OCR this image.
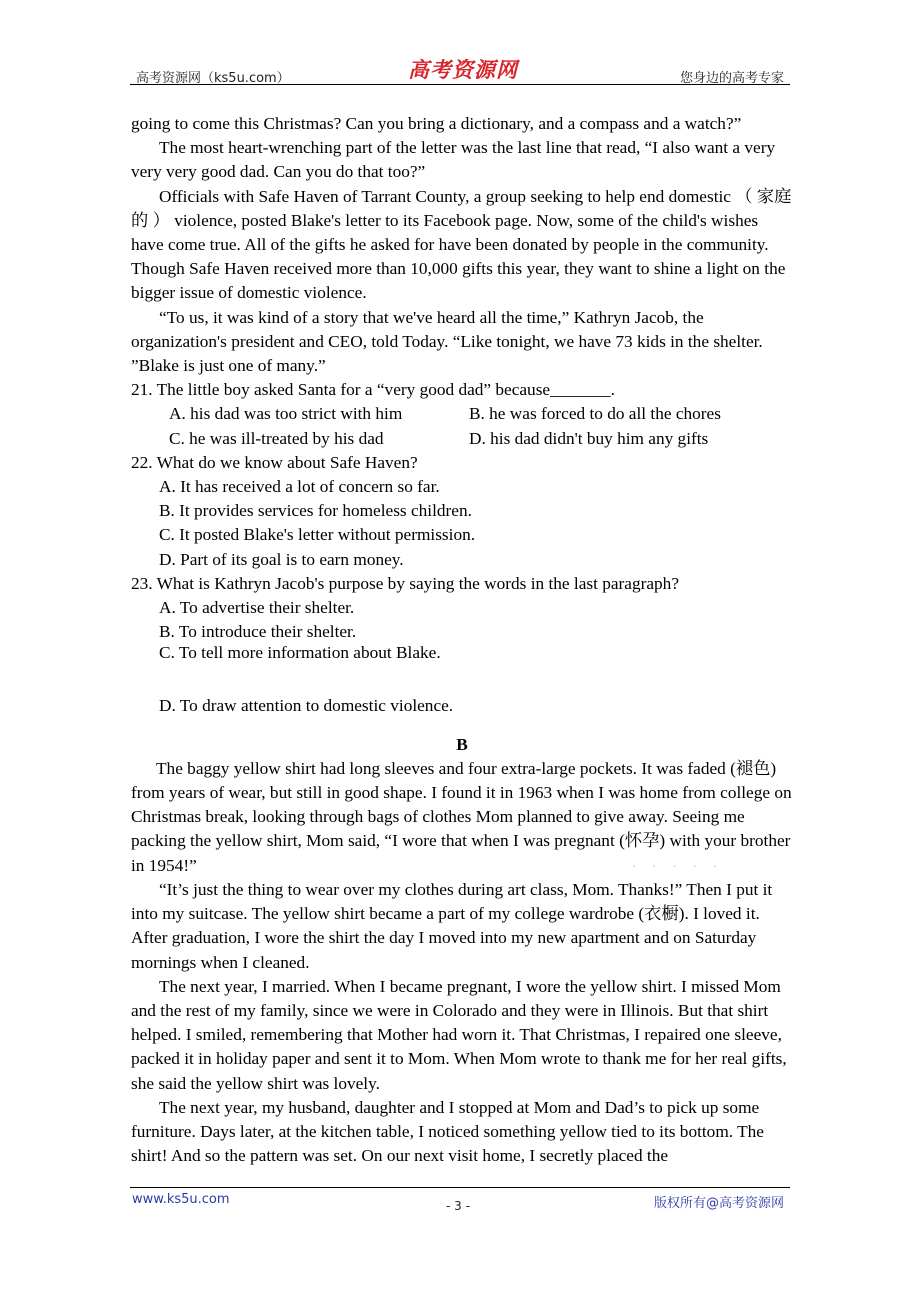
高考资源网（ks5u.com）	高考资源网	您身边的高考专家

going to come this Christmas? Can you bring a dictionary, and a compass and a watch?”

The most heart-wrenching part of the letter was the last line that read, “I also want a very very very good dad. Can you do that too?”

Officials with Safe Haven of Tarrant County, a group seeking to help end domestic （ 家庭的 ） violence, posted Blake's letter to its Facebook page. Now, some of the child's wishes have come true. All of the gifts he asked for have been donated by people in the community. Though Safe Haven received more than 10,000 gifts this year, they want to shine a light on the bigger issue of domestic violence.

“To us, it was kind of a story that we've heard all the time,” Kathryn Jacob, the organization's president and CEO, told Today. “Like tonight, we have 73 kids in the shelter. ”Blake is just one of many.”

21. The little boy asked Santa for a “very good dad” because_______.

A. his dad was too strict with him	B. he was forced to do all the chores
C. he was ill-treated by his dad	D. his dad didn't buy him any gifts

22. What do we know about Safe Haven?

A. It has received a lot of concern so far.

B. It provides services for homeless children.

C. It posted Blake's letter without permission.

D. Part of its goal is to earn money.

23. What is Kathryn Jacob's purpose by saying the words in the last paragraph?

A. To advertise their shelter.

B. To introduce their shelter.

C. To tell more information about Blake.

D. To draw attention to domestic violence.

B

The baggy yellow shirt had long sleeves and four extra-large pockets. It was faded (褪色) from years of wear, but still in good shape. I found it in 1963 when I was home from college on Christmas break, looking through bags of clothes Mom planned to give away. Seeing me packing the yellow shirt, Mom said, “I wore that when I was pregnant (怀孕) with your brother in 1954!”

“It’s just the thing to wear over my clothes during art class, Mom. Thanks!” Then I put it into my suitcase. The yellow shirt became a part of my college wardrobe (衣橱). I loved it. After graduation, I wore the shirt the day I moved into my new apartment and on Saturday mornings when I cleaned.

The next year, I married. When I became pregnant, I wore the yellow shirt. I missed Mom and the rest of my family, since we were in Colorado and they were in Illinois. But that shirt helped. I smiled, remembering that Mother had worn it. That Christmas, I repaired one sleeve, packed it in holiday paper and sent it to Mom. When Mom wrote to thank me for her real gifts, she said the yellow shirt was lovely.

The next year, my husband, daughter and I stopped at Mom and Dad’s to pick up some furniture. Days later, at the kitchen table, I noticed something yellow tied to its bottom. The shirt! And so the pattern was set. On our next visit home, I secretly placed the

· · · · ·
www.ks5u.com	- 3 -	版权所有@高考资源网
